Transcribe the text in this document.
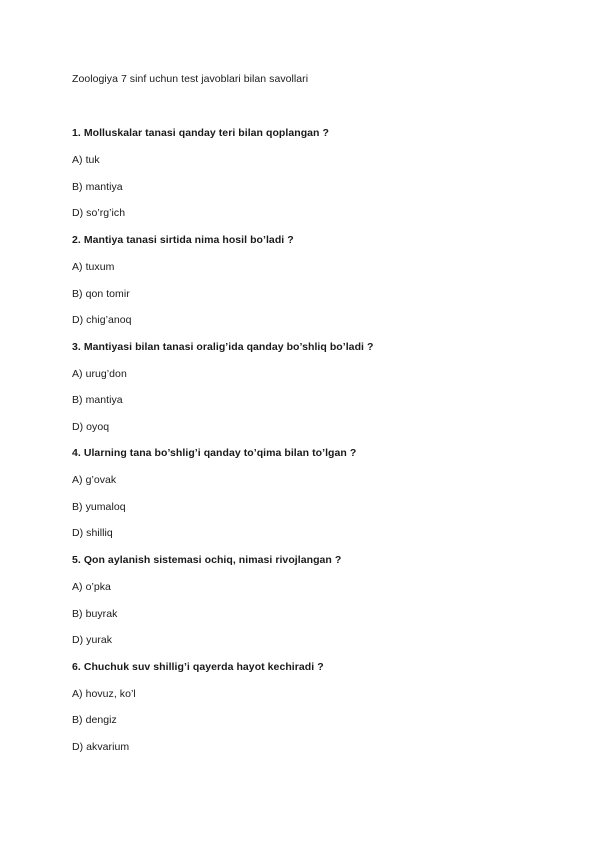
Zoologiya 7 sinf uchun test javoblari bilan savollari
1. Molluskalar tanasi qanday teri bilan qoplangan ?
A) tuk
B) mantiya
D) so’rg’ich
2. Mantiya tanasi sirtida nima hosil bo’ladi ?
A) tuxum
B) qon tomir
D) chig’anoq
3. Mantiyasi bilan tanasi oralig’ida qanday bo’shliq bo’ladi ?
A) urug’don
B) mantiya
D) oyoq
4. Ularning tana bo’shlig’i qanday to’qima bilan to’lgan ?
A) g’ovak
B) yumaloq
D) shilliq
5. Qon aylanish sistemasi ochiq, nimasi rivojlangan ?
A) o’pka
B) buyrak
D) yurak
6. Chuchuk suv shillig’i qayerda hayot kechiradi ?
A) hovuz, ko’l
B) dengiz
D) akvarium
